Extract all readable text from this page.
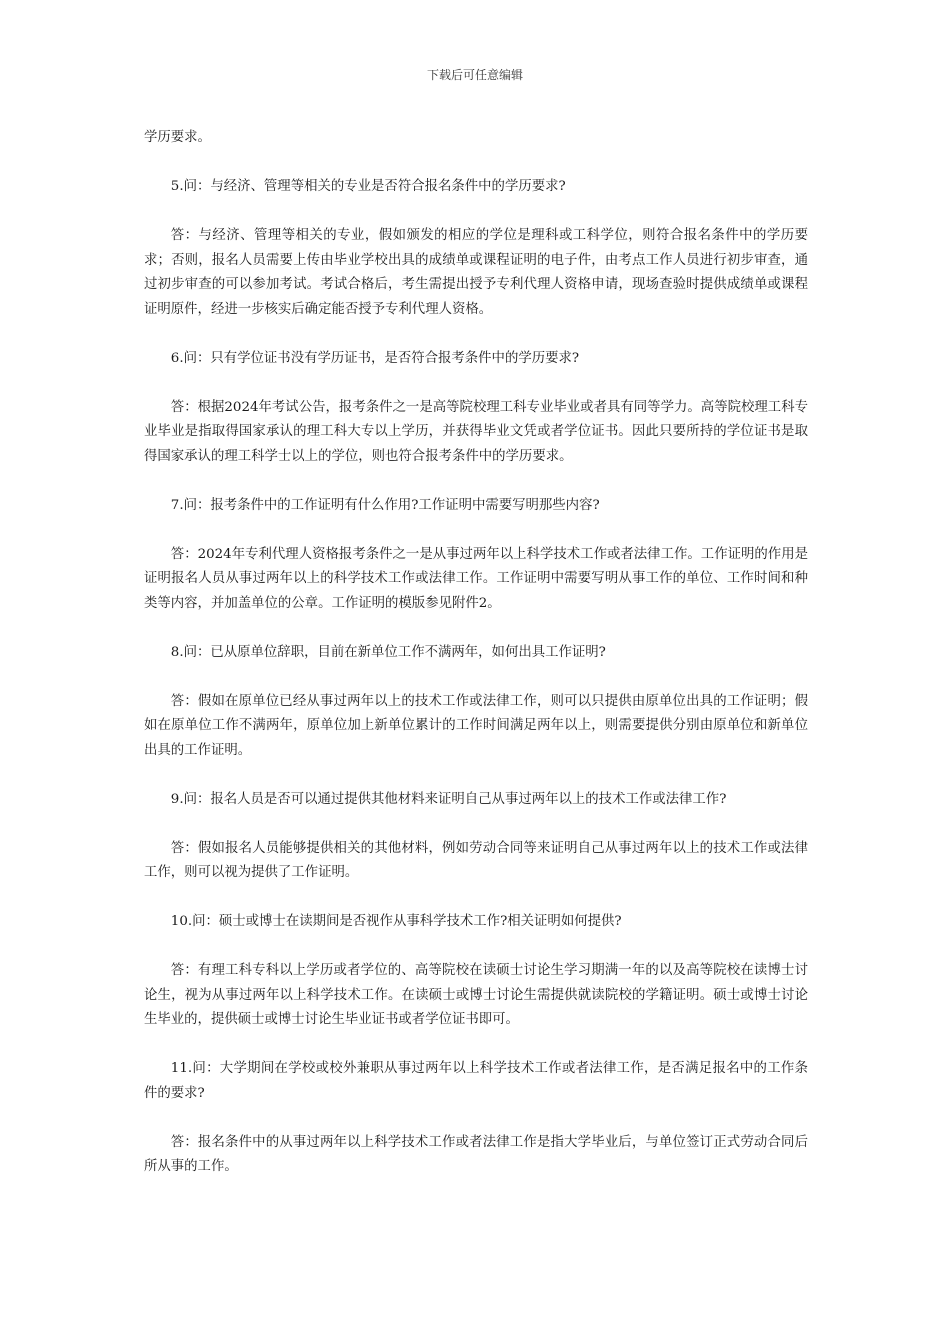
下载后可任意编辑

学历要求。

5.问：与经济、管理等相关的专业是否符合报名条件中的学历要求?

答：与经济、管理等相关的专业，假如颁发的相应的学位是理科或工科学位，则符合报名条件中的学历要求；否则，报名人员需要上传由毕业学校出具的成绩单或课程证明的电子件，由考点工作人员进行初步审查，通过初步审查的可以参加考试。考试合格后，考生需提出授予专利代理人资格申请，现场查验时提供成绩单或课程证明原件，经进一步核实后确定能否授予专利代理人资格。

6.问：只有学位证书没有学历证书，是否符合报考条件中的学历要求?

答：根据2024年考试公告，报考条件之一是高等院校理工科专业毕业或者具有同等学力。高等院校理工科专业毕业是指取得国家承认的理工科大专以上学历，并获得毕业文凭或者学位证书。因此只要所持的学位证书是取得国家承认的理工科学士以上的学位，则也符合报考条件中的学历要求。

7.问：报考条件中的工作证明有什么作用?工作证明中需要写明那些内容?

答：2024年专利代理人资格报考条件之一是从事过两年以上科学技术工作或者法律工作。工作证明的作用是证明报名人员从事过两年以上的科学技术工作或法律工作。工作证明中需要写明从事工作的单位、工作时间和种类等内容，并加盖单位的公章。工作证明的模版参见附件2。

8.问：已从原单位辞职，目前在新单位工作不满两年，如何出具工作证明?

答：假如在原单位已经从事过两年以上的技术工作或法律工作，则可以只提供由原单位出具的工作证明；假如在原单位工作不满两年，原单位加上新单位累计的工作时间满足两年以上，则需要提供分别由原单位和新单位出具的工作证明。

9.问：报名人员是否可以通过提供其他材料来证明自己从事过两年以上的技术工作或法律工作?

答：假如报名人员能够提供相关的其他材料，例如劳动合同等来证明自己从事过两年以上的技术工作或法律工作，则可以视为提供了工作证明。

10.问：硕士或博士在读期间是否视作从事科学技术工作?相关证明如何提供?

答：有理工科专科以上学历或者学位的、高等院校在读硕士讨论生学习期满一年的以及高等院校在读博士讨论生，视为从事过两年以上科学技术工作。在读硕士或博士讨论生需提供就读院校的学籍证明。硕士或博士讨论生毕业的，提供硕士或博士讨论生毕业证书或者学位证书即可。

11.问：大学期间在学校或校外兼职从事过两年以上科学技术工作或者法律工作，是否满足报名中的工作条件的要求?

答：报名条件中的从事过两年以上科学技术工作或者法律工作是指大学毕业后，与单位签订正式劳动合同后所从事的工作。
